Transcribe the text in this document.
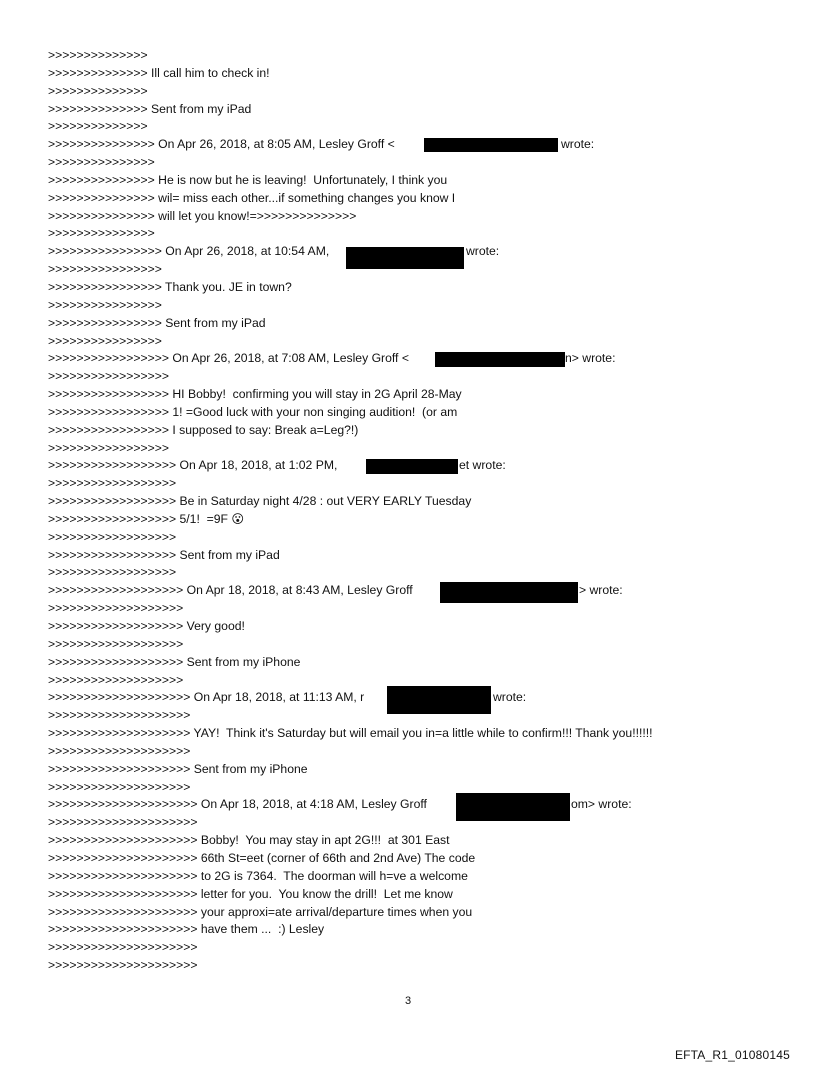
>>>>>>>>>>>>>>
>>>>>>>>>>>>>> Ill call him to check in!
>>>>>>>>>>>>>>
>>>>>>>>>>>>>> Sent from my iPad
>>>>>>>>>>>>>>
>>>>>>>>>>>>>>> On Apr 26, 2018, at 8:05 AM, Lesley Groff <	wrote:
>>>>>>>>>>>>>>>
>>>>>>>>>>>>>>> He is now but he is leaving!  Unfortunately, I think you
>>>>>>>>>>>>>>> wil= miss each other...if something changes you know I
>>>>>>>>>>>>>>> will let you know!=>>>>>>>>>>>>>>
>>>>>>>>>>>>>>>
>>>>>>>>>>>>>>>> On Apr 26, 2018, at 10:54 AM,	wrote:
>>>>>>>>>>>>>>>>
>>>>>>>>>>>>>>>> Thank you. JE in town?
>>>>>>>>>>>>>>>>
>>>>>>>>>>>>>>>> Sent from my iPad
>>>>>>>>>>>>>>>>
>>>>>>>>>>>>>>>>> On Apr 26, 2018, at 7:08 AM, Lesley Groff <	n> wrote:
>>>>>>>>>>>>>>>>>
>>>>>>>>>>>>>>>>> HI Bobby!  confirming you will stay in 2G April 28-May
>>>>>>>>>>>>>>>>> 1! =Good luck with your non singing audition!  (or am
>>>>>>>>>>>>>>>>> I supposed to say: Break a=Leg?!)
>>>>>>>>>>>>>>>>>
>>>>>>>>>>>>>>>>>> On Apr 18, 2018, at 1:02 PM,	et wrote:
>>>>>>>>>>>>>>>>>>
>>>>>>>>>>>>>>>>>> Be in Saturday night 4/28 : out VERY EARLY Tuesday
>>>>>>>>>>>>>>>>>> 5/1!  =9F 😮
>>>>>>>>>>>>>>>>>>
>>>>>>>>>>>>>>>>>> Sent from my iPad
>>>>>>>>>>>>>>>>>>
>>>>>>>>>>>>>>>>>>> On Apr 18, 2018, at 8:43 AM, Lesley Groff	> wrote:
>>>>>>>>>>>>>>>>>>>
>>>>>>>>>>>>>>>>>>> Very good!
>>>>>>>>>>>>>>>>>>>
>>>>>>>>>>>>>>>>>>> Sent from my iPhone
>>>>>>>>>>>>>>>>>>>
>>>>>>>>>>>>>>>>>>>> On Apr 18, 2018, at 11:13 AM, r	wrote:
>>>>>>>>>>>>>>>>>>>>
>>>>>>>>>>>>>>>>>>>> YAY!  Think it's Saturday but will email you in=a little while to confirm!!! Thank you!!!!!!
>>>>>>>>>>>>>>>>>>>>
>>>>>>>>>>>>>>>>>>>> Sent from my iPhone
>>>>>>>>>>>>>>>>>>>>
>>>>>>>>>>>>>>>>>>>>> On Apr 18, 2018, at 4:18 AM, Lesley Groff	om> wrote:
>>>>>>>>>>>>>>>>>>>>>
>>>>>>>>>>>>>>>>>>>>> Bobby!  You may stay in apt 2G!!!  at 301 East
>>>>>>>>>>>>>>>>>>>>> 66th St=eet (corner of 66th and 2nd Ave) The code
>>>>>>>>>>>>>>>>>>>>> to 2G is 7364.  The doorman will h=ve a welcome
>>>>>>>>>>>>>>>>>>>>> letter for you.  You know the drill!  Let me know
>>>>>>>>>>>>>>>>>>>>> your approxi=ate arrival/departure times when you
>>>>>>>>>>>>>>>>>>>>> have them ...  :) Lesley
>>>>>>>>>>>>>>>>>>>>>
>>>>>>>>>>>>>>>>>>>>>
3
EFTA_R1_01080145
